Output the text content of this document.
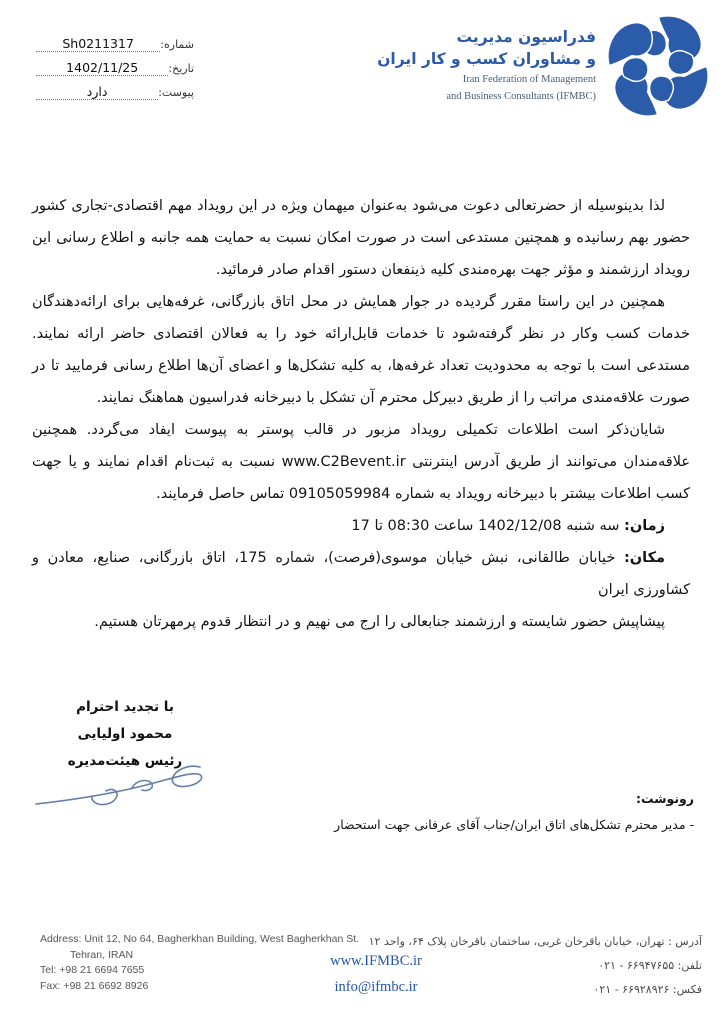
شماره:
Sh0211317
تاریخ:
1402/11/25
پیوست:
دارد
فدراسیون مدیریت
و مشاوران کسب و کار ایران
Iran Federation of Management
and Business Consultants (IFMBC)

لذا بدینوسیله از حضرتعالی دعوت می‌شود به‌عنوان میهمان ویژه در این رویداد مهم اقتصادی-تجاری کشور حضور بهم رسانیده و همچنین مستدعی است در صورت امکان نسبت به حمایت همه جانبه و اطلاع رسانی این رویداد ارزشمند و مؤثر جهت بهره‌مندی کلیه ذینفعان دستور اقدام صادر فرمائید.

همچنین در این راستا مقرر گردیده در جوار همایش در محل اتاق بازرگانی، غرفه‌هایی برای ارائه‌دهندگان خدمات کسب وکار در نظر گرفته‌شود تا خدمات قابل‌ارائه خود را به فعالان اقتصادی حاضر ارائه نمایند. مستدعی است با توجه به محدودیت تعداد غرفه‌ها، به کلیه تشکل‌ها و اعضای آن‌ها اطلاع رسانی فرمایید تا در صورت علاقه‌مندی مراتب را از طریق دبیرکل محترم آن تشکل با دبیرخانه فدراسیون هماهنگ نمایند.

شایان‌ذکر است اطلاعات تکمیلی رویداد مزبور در قالب پوستر به پیوست ایفاد می‌گردد. همچنین علاقه‌مندان می‌توانند از طریق آدرس اینترنتی www.C2Bevent.ir نسبت به ثبت‌نام اقدام نمایند و یا جهت کسب اطلاعات بیشتر با دبیرخانه رویداد به شماره 09105059984 تماس حاصل فرمایند.

زمان: سه شنبه 1402/12/08 ساعت 08:30 تا 17

مکان: خیابان طالقانی، نبش خیابان موسوی(فرصت)، شماره 175، اتاق بازرگانی، صنایع، معادن و کشاورزی ایران

پیشاپیش حضور شایسته و ارزشمند جنابعالی را ارج می نهیم و در انتظار قدوم پرمهرتان هستیم.

با تجدید احترام
محمود اولیایی
رئیس هیئت‌مدیره
رونوشت:
- مدیر محترم تشکل‌های اتاق ایران/جناب آقای عرفانی جهت استحضار
Address: Unit 12, No 64, Bagherkhan Building, West Bagherkhan St.
Tehran, IRAN
Tel: +98 21 6694 7655
Fax: +98 21 6692 8926
www.IFMBC.ir
info@ifmbc.ir
آدرس : تهران، خیابان باقرخان غربی، ساختمان باقرخان پلاک ۶۴، واحد ۱۲
تلفن: ۶۶۹۴۷۶۵۵ - ۰۲۱
فکس: ۶۶۹۲۸۹۲۶ - ۰۲۱
